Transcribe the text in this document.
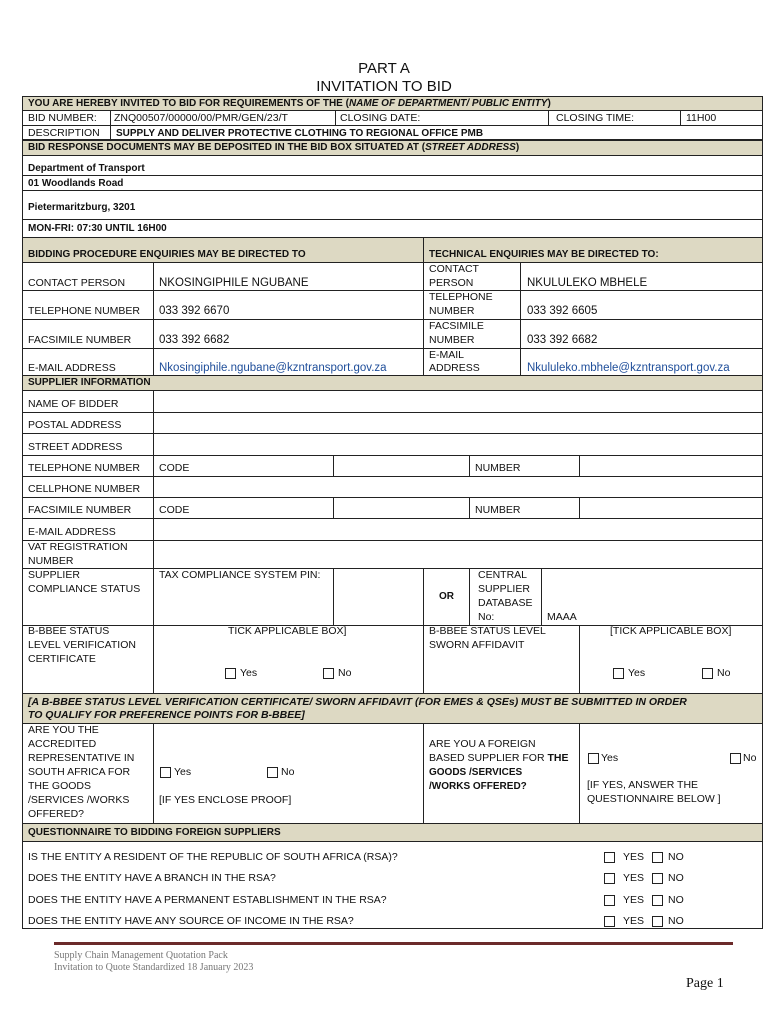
PART A
INVITATION TO BID
YOU ARE HEREBY INVITED TO BID FOR REQUIREMENTS OF THE (NAME OF DEPARTMENT/ PUBLIC ENTITY)
BID NUMBER: ZNQ00507/00000/00/PMR/GEN/23/T	CLOSING DATE:	CLOSING TIME:	11H00
DESCRIPTION SUPPLY AND DELIVER PROTECTIVE CLOTHING TO REGIONAL OFFICE PMB
BID RESPONSE DOCUMENTS MAY BE DEPOSITED IN THE BID BOX SITUATED AT (STREET ADDRESS)
Department of Transport
01 Woodlands Road
Pietermaritzburg, 3201
MON-FRI: 07:30 UNTIL 16H00
BIDDING PROCEDURE ENQUIRIES MAY BE DIRECTED TO	TECHNICAL ENQUIRIES MAY BE DIRECTED TO:
CONTACT PERSON	NKOSINGIPHILE NGUBANE
CONTACT
PERSON	NKULULEKO MBHELE
TELEPHONE NUMBER 033 392 6670
TELEPHONE
NUMBER	033 392 6605
FACSIMILE NUMBER 033 392 6682
FACSIMILE
NUMBER	033 392 6682
E-MAIL ADDRESS	Nkosingiphile.ngubane@kzntransport.gov.za
E-MAIL
ADDRESS	Nkululeko.mbhele@kzntransport.gov.za
SUPPLIER INFORMATION
NAME OF BIDDER
POSTAL ADDRESS
STREET ADDRESS
TELEPHONE NUMBER CODE	NUMBER
CELLPHONE NUMBER
FACSIMILE NUMBER	CODE	NUMBER
E-MAIL ADDRESS
VAT REGISTRATION
NUMBER
SUPPLIER
COMPLIANCE STATUS
TAX COMPLIANCE SYSTEM PIN:
OR
CENTRAL
SUPPLIER
DATABASE
No:	MAAA
B-BBEE STATUS
LEVEL VERIFICATION
CERTIFICATE
TICK APPLICABLE BOX]
Yes	No
B-BBEE STATUS LEVEL
SWORN AFFIDAVIT
[TICK APPLICABLE BOX]
Yes	No
[A B-BBEE STATUS LEVEL VERIFICATION CERTIFICATE/ SWORN AFFIDAVIT (FOR EMES & QSEs) MUST BE SUBMITTED IN ORDER
TO QUALIFY FOR PREFERENCE POINTS FOR B-BBEE]
ARE YOU THE
ACCREDITED
REPRESENTATIVE IN
SOUTH AFRICA FOR
THE GOODS
/SERVICES /WORKS
OFFERED?
Yes	No
[IF YES ENCLOSE PROOF]
ARE YOU A FOREIGN
BASED SUPPLIER FOR THE
GOODS /SERVICES
/WORKS OFFERED?
Yes	No
[IF YES, ANSWER THE
QUESTIONNAIRE BELOW ]
QUESTIONNAIRE TO BIDDING FOREIGN SUPPLIERS
IS THE ENTITY A RESIDENT OF THE REPUBLIC OF SOUTH AFRICA (RSA)?	YES NO
DOES THE ENTITY HAVE A BRANCH IN THE RSA?	YES NO
DOES THE ENTITY HAVE A PERMANENT ESTABLISHMENT IN THE RSA?	YES NO
DOES THE ENTITY HAVE ANY SOURCE OF INCOME IN THE RSA?	YES NO
Supply Chain Management Quotation Pack
Invitation to Quote Standardized 18 January 2023
Page 1
